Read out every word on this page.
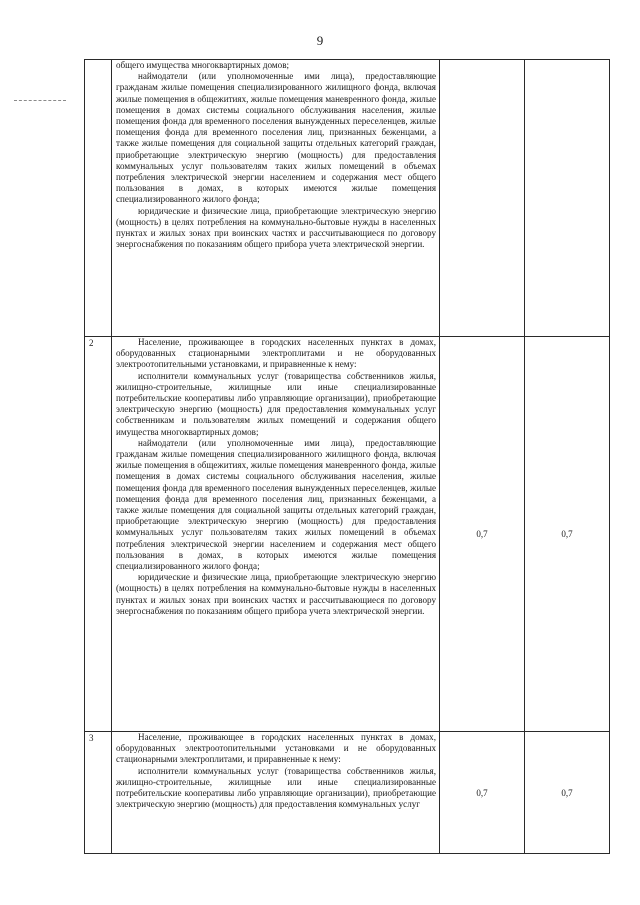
9

	общего имущества многоквартирных домов;

наймодатели (или уполномоченные ими лица), предоставляющие гражданам жилые помещения специализированного жилищного фонда, включая жилые помещения в общежитиях, жилые помещения маневренного фонда, жилые помещения в домах системы социального обслуживания населения, жилые помещения фонда для временного поселения вынужденных переселенцев, жилые помещения фонда для временного поселения лиц, признанных беженцами, а также жилые помещения для социальной защиты отдельных категорий граждан, приобретающие электрическую энергию (мощность) для предоставления коммунальных услуг пользователям таких жилых помещений в объемах потребления электрической энергии населением и содержания мест общего пользования в домах, в которых имеются жилые помещения специализированного жилого фонда;

юридические и физические лица, приобретающие электрическую энергию (мощность) в целях потребления на коммунально-бытовые нужды в населенных пунктах и жилых зонах при воинских частях и рассчитывающиеся по договору энергоснабжения по показаниям общего прибора учета электрической энергии.		

2	Население, проживающее в городских населенных пунктах в домах, оборудованных стационарными электроплитами и не оборудованных электроотопительными установками, и приравненные к нему:

исполнители коммунальных услуг (товарищества собственников жилья, жилищно-строительные, жилищные или иные специализированные потребительские кооперативы либо управляющие организации), приобретающие электрическую энергию (мощность) для предоставления коммунальных услуг собственникам и пользователям жилых помещений и содержания общего имущества многоквартирных домов;

наймодатели (или уполномоченные ими лица), предоставляющие гражданам жилые помещения специализированного жилищного фонда, включая жилые помещения в общежитиях, жилые помещения маневренного фонда, жилые помещения в домах системы социального обслуживания населения, жилые помещения фонда для временного поселения вынужденных переселенцев, жилые помещения фонда для временного поселения лиц, признанных беженцами, а также жилые помещения для социальной защиты отдельных категорий граждан, приобретающие электрическую энергию (мощность) для предоставления коммунальных услуг пользователям таких жилых помещений в объемах потребления электрической энергии населением и содержания мест общего пользования в домах, в которых имеются жилые помещения специализированного жилого фонда;

юридические и физические лица, приобретающие электрическую энергию (мощность) в целях потребления на коммунально-бытовые нужды в населенных пунктах и жилых зонах при воинских частях и рассчитывающиеся по договору энергоснабжения по показаниям общего прибора учета электрической энергии.	0,7	0,7
3	Население, проживающее в городских населенных пунктах в домах, оборудованных электроотопительными установками и не оборудованных стационарными электроплитами, и приравненные к нему:

исполнители коммунальных услуг (товарищества собственников жилья, жилищно-строительные, жилищные или иные специализированные потребительские кооперативы либо управляющие организации), приобретающие электрическую энергию (мощность) для предоставления коммунальных услуг	0,7	0,7
